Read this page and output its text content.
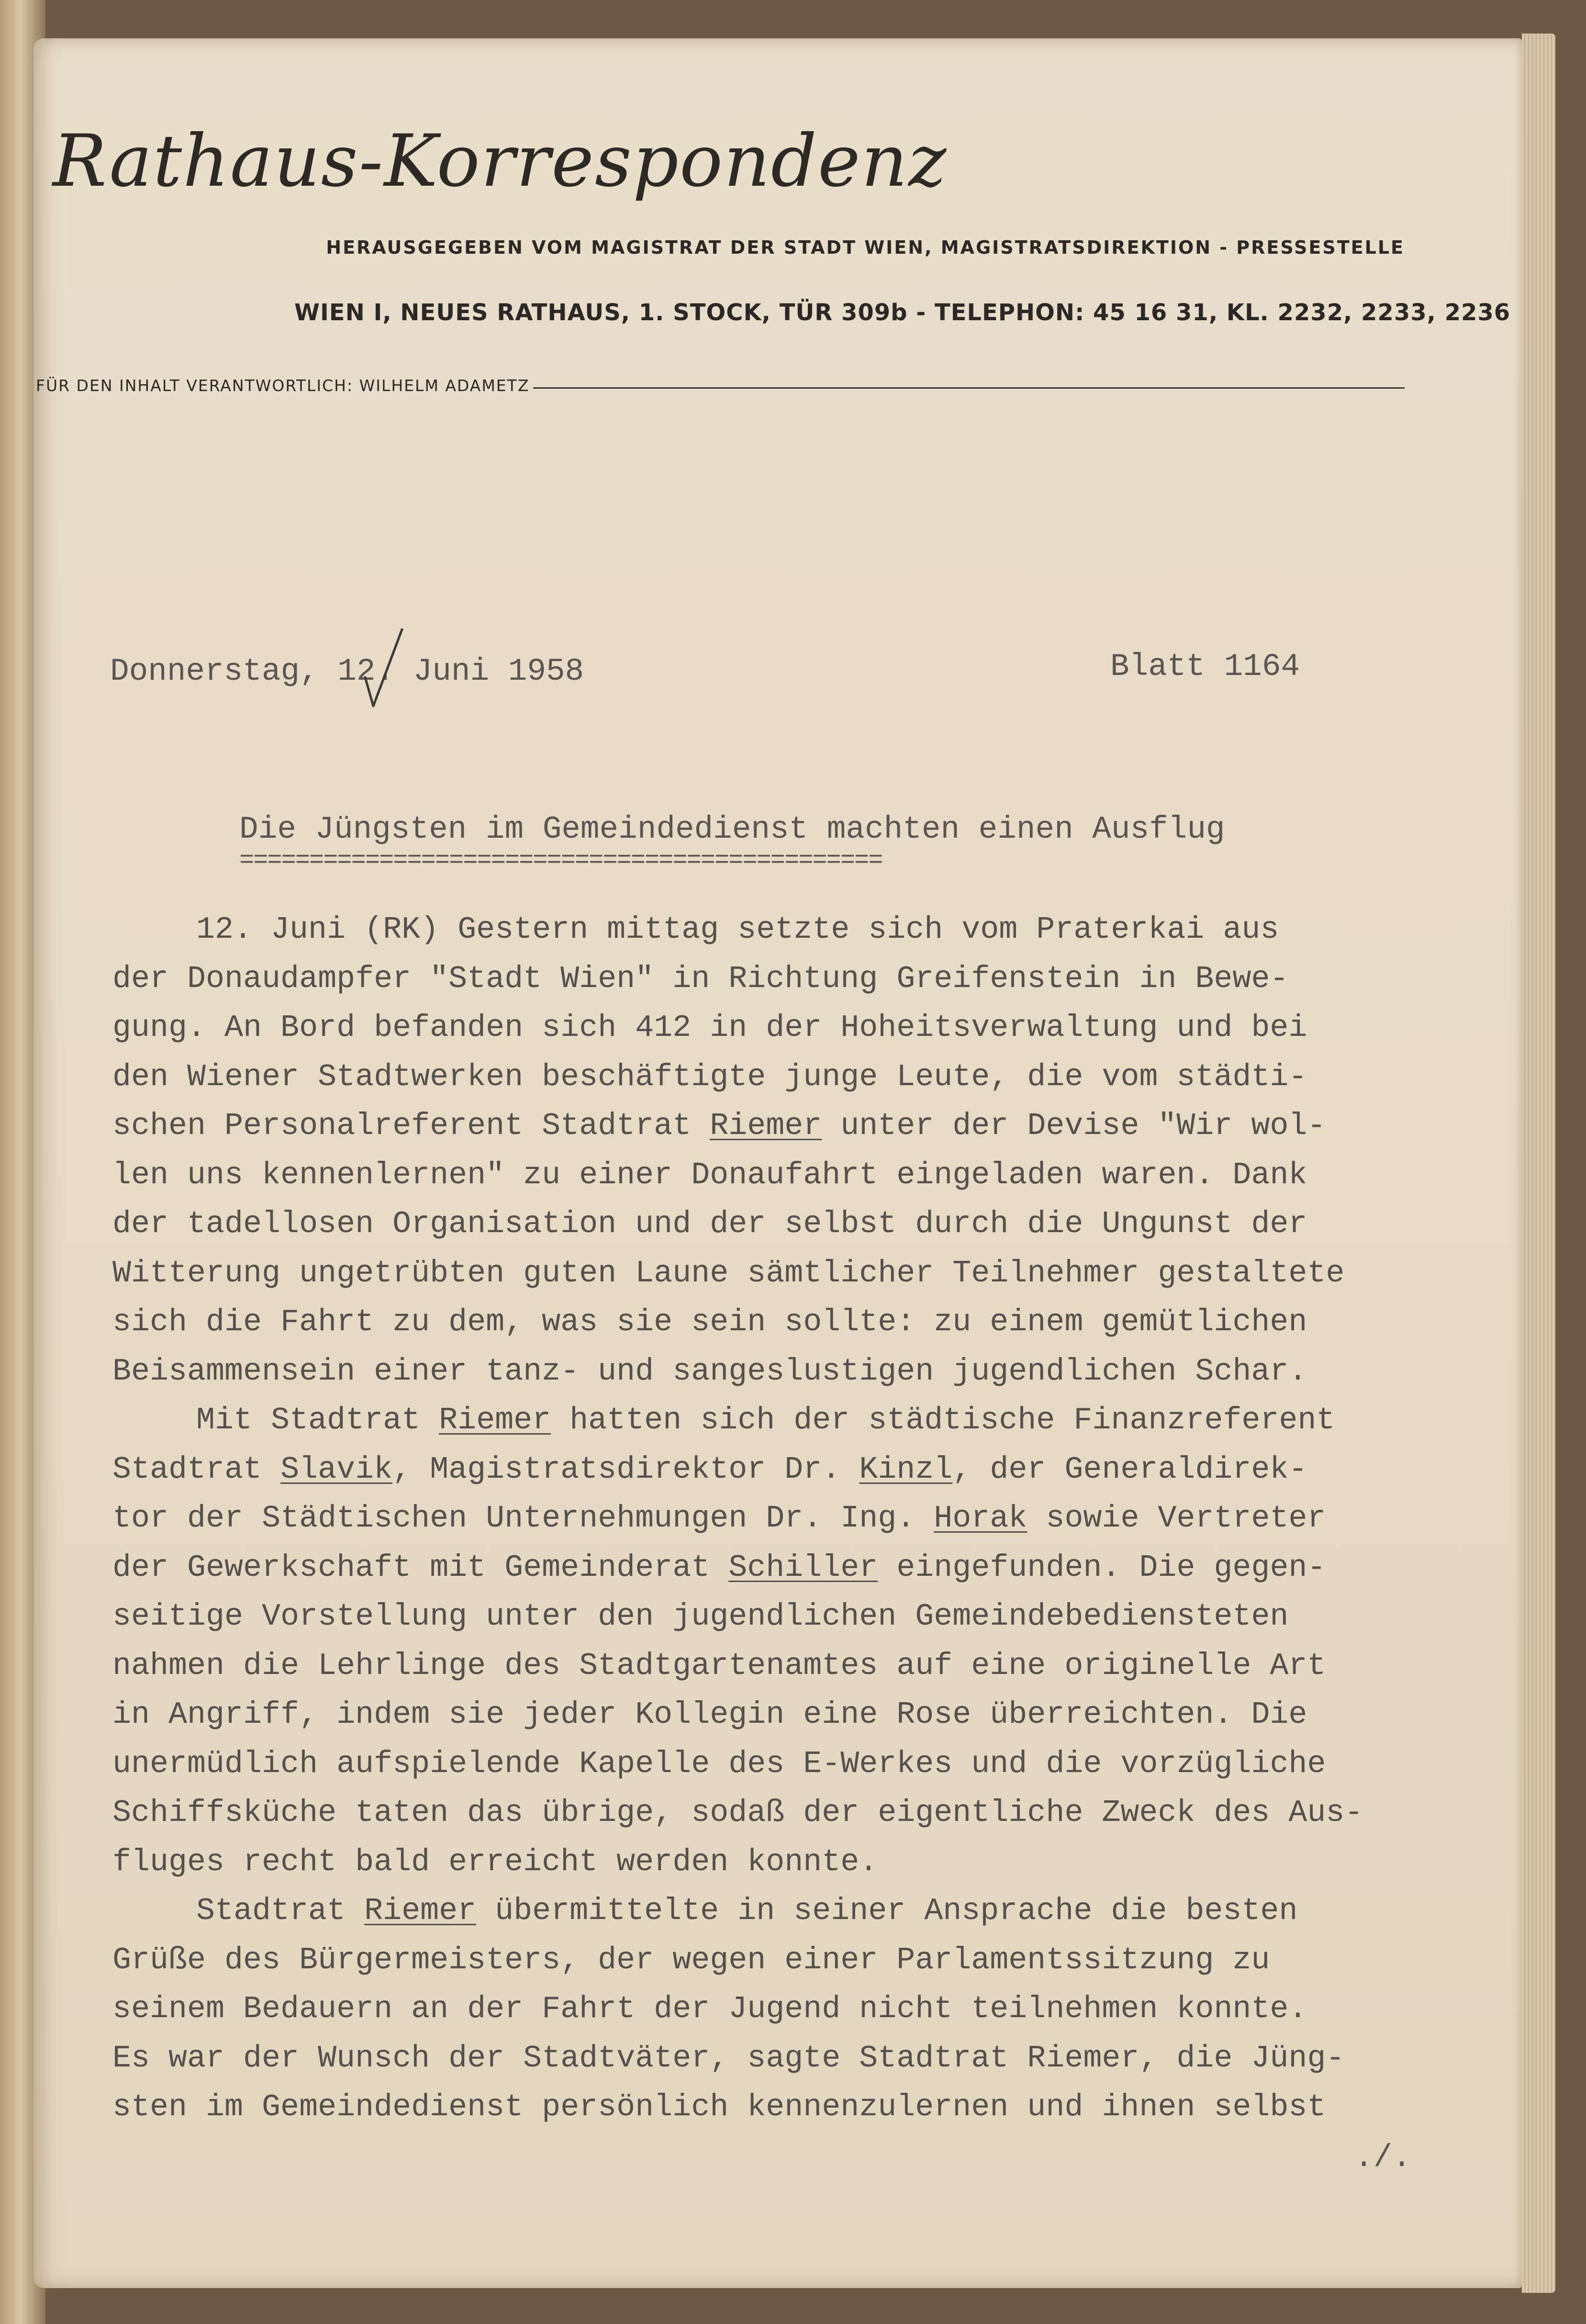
Rathaus-Korrespondenz
HERAUSGEGEBEN VOM MAGISTRAT DER STADT WIEN, MAGISTRATSDIREKTION - PRESSESTELLE
WIEN I, NEUES RATHAUS, 1. STOCK, TÜR 309b - TELEPHON: 45 16 31, KL. 2232, 2233, 2236
FÜR DEN INHALT VERANTWORTLICH: WILHELM ADAMETZ
Donnerstag, 12. Juni 1958	Blatt 1164
Die Jüngsten im Gemeindedienst machten einen Ausflug
==============================================
12. Juni (RK) Gestern mittag setzte sich vom Praterkai aus
der Donaudampfer "Stadt Wien" in Richtung Greifenstein in Bewe-
gung. An Bord befanden sich 412 in der Hoheitsverwaltung und bei
den Wiener Stadtwerken beschäftigte junge Leute, die vom städti-
schen Personalreferent Stadtrat Riemer unter der Devise "Wir wol-
len uns kennenlernen" zu einer Donaufahrt eingeladen waren. Dank
der tadellosen Organisation und der selbst durch die Ungunst der
Witterung ungetrübten guten Laune sämtlicher Teilnehmer gestaltete
sich die Fahrt zu dem, was sie sein sollte: zu einem gemütlichen
Beisammensein einer tanz- und sangeslustigen jugendlichen Schar.
Mit Stadtrat Riemer hatten sich der städtische Finanzreferent
Stadtrat Slavik, Magistratsdirektor Dr. Kinzl, der Generaldirek-
tor der Städtischen Unternehmungen Dr. Ing. Horak sowie Vertreter
der Gewerkschaft mit Gemeinderat Schiller eingefunden. Die gegen-
seitige Vorstellung unter den jugendlichen Gemeindebediensteten
nahmen die Lehrlinge des Stadtgartenamtes auf eine originelle Art
in Angriff, indem sie jeder Kollegin eine Rose überreichten. Die
unermüdlich aufspielende Kapelle des E-Werkes und die vorzügliche
Schiffsküche taten das übrige, sodaß der eigentliche Zweck des Aus-
fluges recht bald erreicht werden konnte.
Stadtrat Riemer übermittelte in seiner Ansprache die besten
Grüße des Bürgermeisters, der wegen einer Parlamentssitzung zu
seinem Bedauern an der Fahrt der Jugend nicht teilnehmen konnte.
Es war der Wunsch der Stadtväter, sagte Stadtrat Riemer, die Jüng-
sten im Gemeindedienst persönlich kennenzulernen und ihnen selbst
./.
